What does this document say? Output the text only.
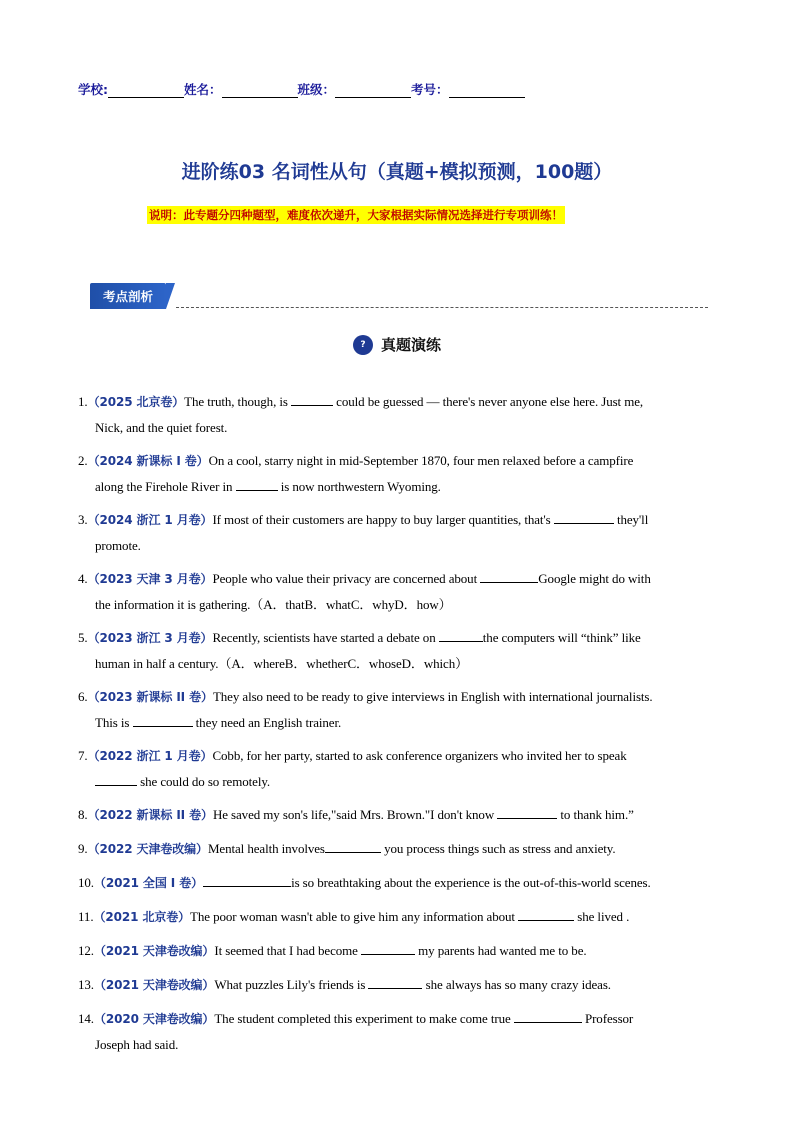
学校:	姓名：	班级：	考号：
进阶练03 名词性从句（真题+模拟预测，100题）
说明：此专题分四种题型，难度依次递升，大家根据实际情况选择进行专项训练！
考点剖析
?	真题演练
1.（2025 北京卷）The truth, though, is	could be guessed — there's never anyone else here. Just me,
Nick, and the quiet forest.
2.（2024 新课标 I 卷）On a cool, starry night in mid-September 1870, four men relaxed before a campfire
along the Firehole River in	is now northwestern Wyoming.
3.（2024 浙江 1 月卷）If most of their customers are happy to buy larger quantities, that's	they'll
promote.
4.（2023 天津 3 月卷）People who value their privacy are concerned about	Google might do with
the information it is gathering.（A．thatB．whatC．whyD．how）
5.（2023 浙江 3 月卷）Recently, scientists have started a debate on	the computers will “think” like
human in half a century.（A．whereB．whetherC．whoseD．which）
6.（2023 新课标 II 卷）They also need to be ready to give interviews in English with international journalists.
This is	they need an English trainer.
7.（2022 浙江 1 月卷）Cobb, for her party, started to ask conference organizers who invited her to speak
she could do so remotely.
8.（2022 新课标 II 卷）He saved my son's life,"said Mrs. Brown."I don't know	to thank him.”
9.（2022 天津卷改编）Mental health involves	you process things such as stress and anxiety.
10.（2021 全国 I 卷）	is so breathtaking about the experience is the out-of-this-world scenes.
11.（2021 北京卷）The poor woman wasn't able to give him any information about	she lived .
12.（2021 天津卷改编）It seemed that I had become	my parents had wanted me to be.
13.（2021 天津卷改编）What puzzles Lily's friends is	she always has so many crazy ideas.
14.（2020 天津卷改编）The student completed this experiment to make come true	Professor
Joseph had said.
